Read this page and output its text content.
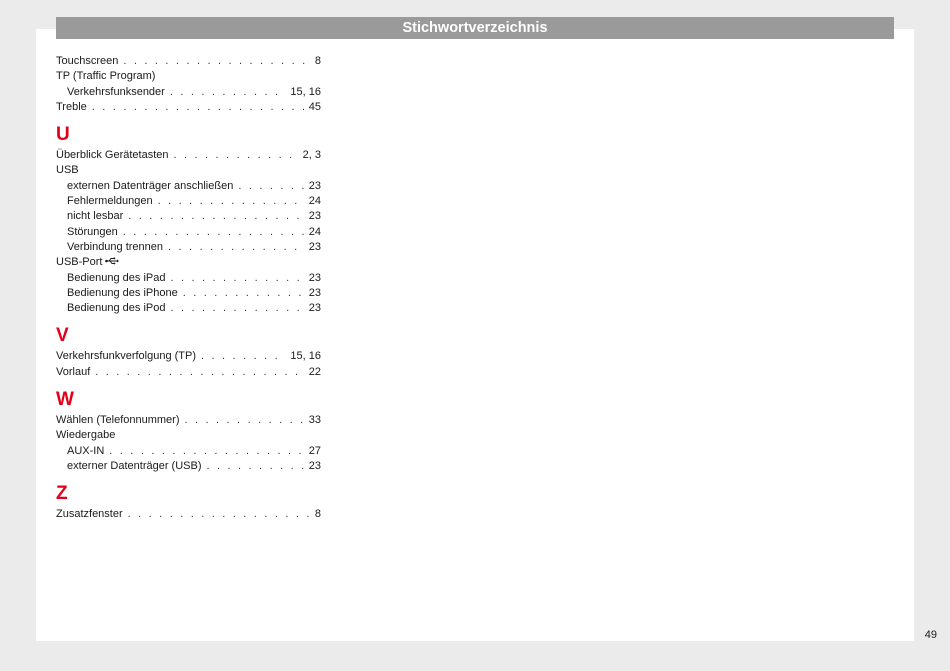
Stichwortverzeichnis
Touchscreen . . .	8
TP (Traffic Program)
Verkehrsfunksender . . .	15, 16
Treble . . .	45
U
Überblick Gerätetasten . . .	2, 3
USB
externen Datenträger anschließen . . .	23
Fehlermeldungen . . .	24
nicht lesbar . . .	23
Störungen . . .	24
Verbindung trennen . . .	23
USB-Port
Bedienung des iPad . . .	23
Bedienung des iPhone . . .	23
Bedienung des iPod . . .	23
V
Verkehrsfunkverfolgung (TP) . . .	15, 16
Vorlauf . . .	22
W
Wählen (Telefonnummer) . . .	33
Wiedergabe
AUX-IN . . .	27
externer Datenträger (USB) . . .	23
Z
Zusatzfenster . . .	8
49
